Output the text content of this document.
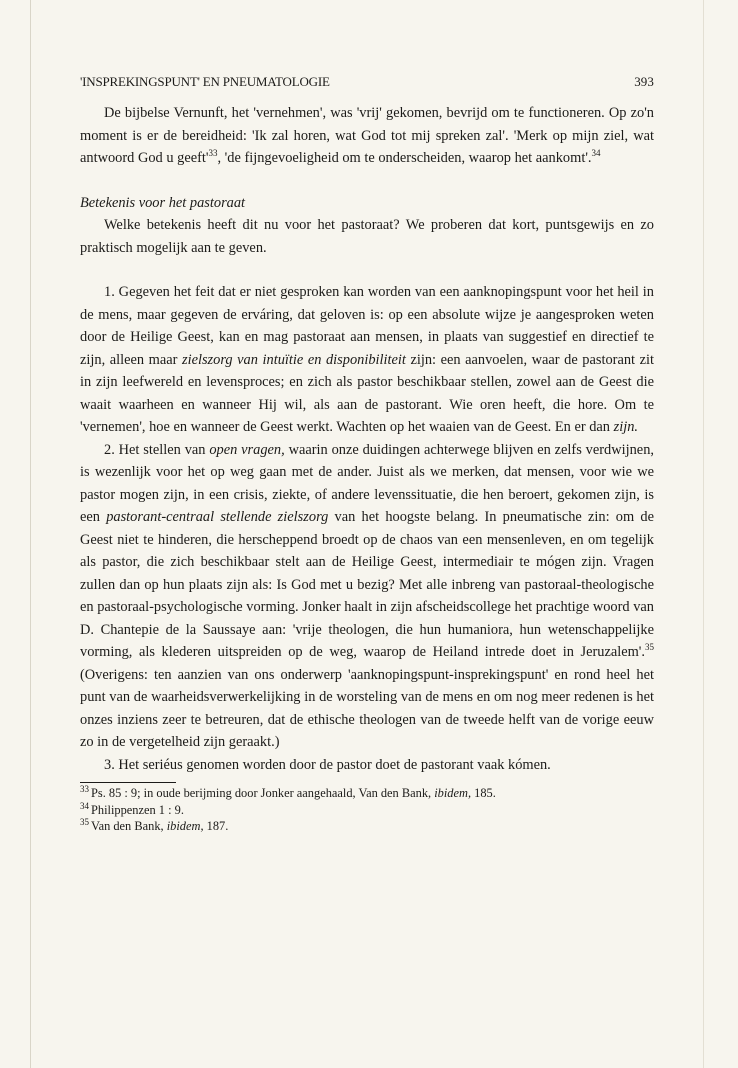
'INSPREKINGSPUNT' EN PNEUMATOLOGIE	393

De bijbelse Vernunft, het 'vernehmen', was 'vrij' gekomen, bevrijd om te functioneren. Op zo'n moment is er de bereidheid: 'Ik zal horen, wat God tot mij spreken zal'. 'Merk op mijn ziel, wat antwoord God u $geeft'^{33}$, 'de fijngevoeligheid om te onderscheiden, waarop het aankomt'.$^{34}$

Betekenis voor het pastoraat

Welke betekenis heeft dit nu voor het pastoraat? We proberen dat kort, puntsgewijs en zo praktisch mogelijk aan te geven.

1. Gegeven het feit dat er niet gesproken kan worden van een aanknopingspunt voor het heil in de mens, maar gegeven de erváring, dat geloven is: op een absolute wijze je aangesproken weten door de Heilige Geest, kan en mag pastoraat aan mensen, in plaats van suggestief en directief te zijn, alleen maar zielszorg van intuïtie en disponibiliteit zijn: een aanvoelen, waar de pastorant zit in zijn leefwereld en levensproces; en zich als pastor beschikbaar stellen, zowel aan de Geest die waait waarheen en wanneer Hij wil, als aan de pastorant. Wie oren heeft, die hore. Om te 'vernemen', hoe en wanneer de Geest werkt. Wachten op het waaien van de Geest. En er dan zijn.

2. Het stellen van open vragen, waarin onze duidingen achterwege blijven en zelfs verdwijnen, is wezenlijk voor het op weg gaan met de ander. Juist als we merken, dat mensen, voor wie we pastor mogen zijn, in een crisis, ziekte, of andere levenssituatie, die hen beroert, gekomen zijn, is een pastorant-centraal stellende zielszorg van het hoogste belang. In pneumatische zin: om de Geest niet te hinderen, die herscheppend broedt op de chaos van een mensenleven, en om tegelijk als pastor, die zich beschikbaar stelt aan de Heilige Geest, intermediair te mógen zijn. Vragen zullen dan op hun plaats zijn als: Is God met u bezig? Met alle inbreng van pastoraal-theologische en pastoraal-psychologische vorming. Jonker haalt in zijn afscheidscollege het prachtige woord van D. Chantepie de la Saussaye aan: 'vrije theologen, die hun humaniora, hun wetenschappelijke vorming, als klederen uitspreiden op de weg, waarop de Heiland intrede doet in Jeruzalem'.$^{35}$ (Overigens: ten aanzien van ons onderwerp 'aanknopingspunt-insprekingspunt' en rond heel het punt van de waarheidsverwerkelijking in de worsteling van de mens en om nog meer redenen is het onzes inziens zeer te betreuren, dat de ethische theologen van de tweede helft van de vorige eeuw zo in de vergetelheid zijn geraakt.)

3. Het seriéus genomen worden door de pastor doet de pastorant vaak kómen.

$^{33}$ Ps. 85 : 9; in oude berijming door Jonker aangehaald, Van den Bank, ibidem, 185.
$^{34}$ Philippenzen 1 : 9.
$^{35}$ Van den Bank, ibidem, 187.
